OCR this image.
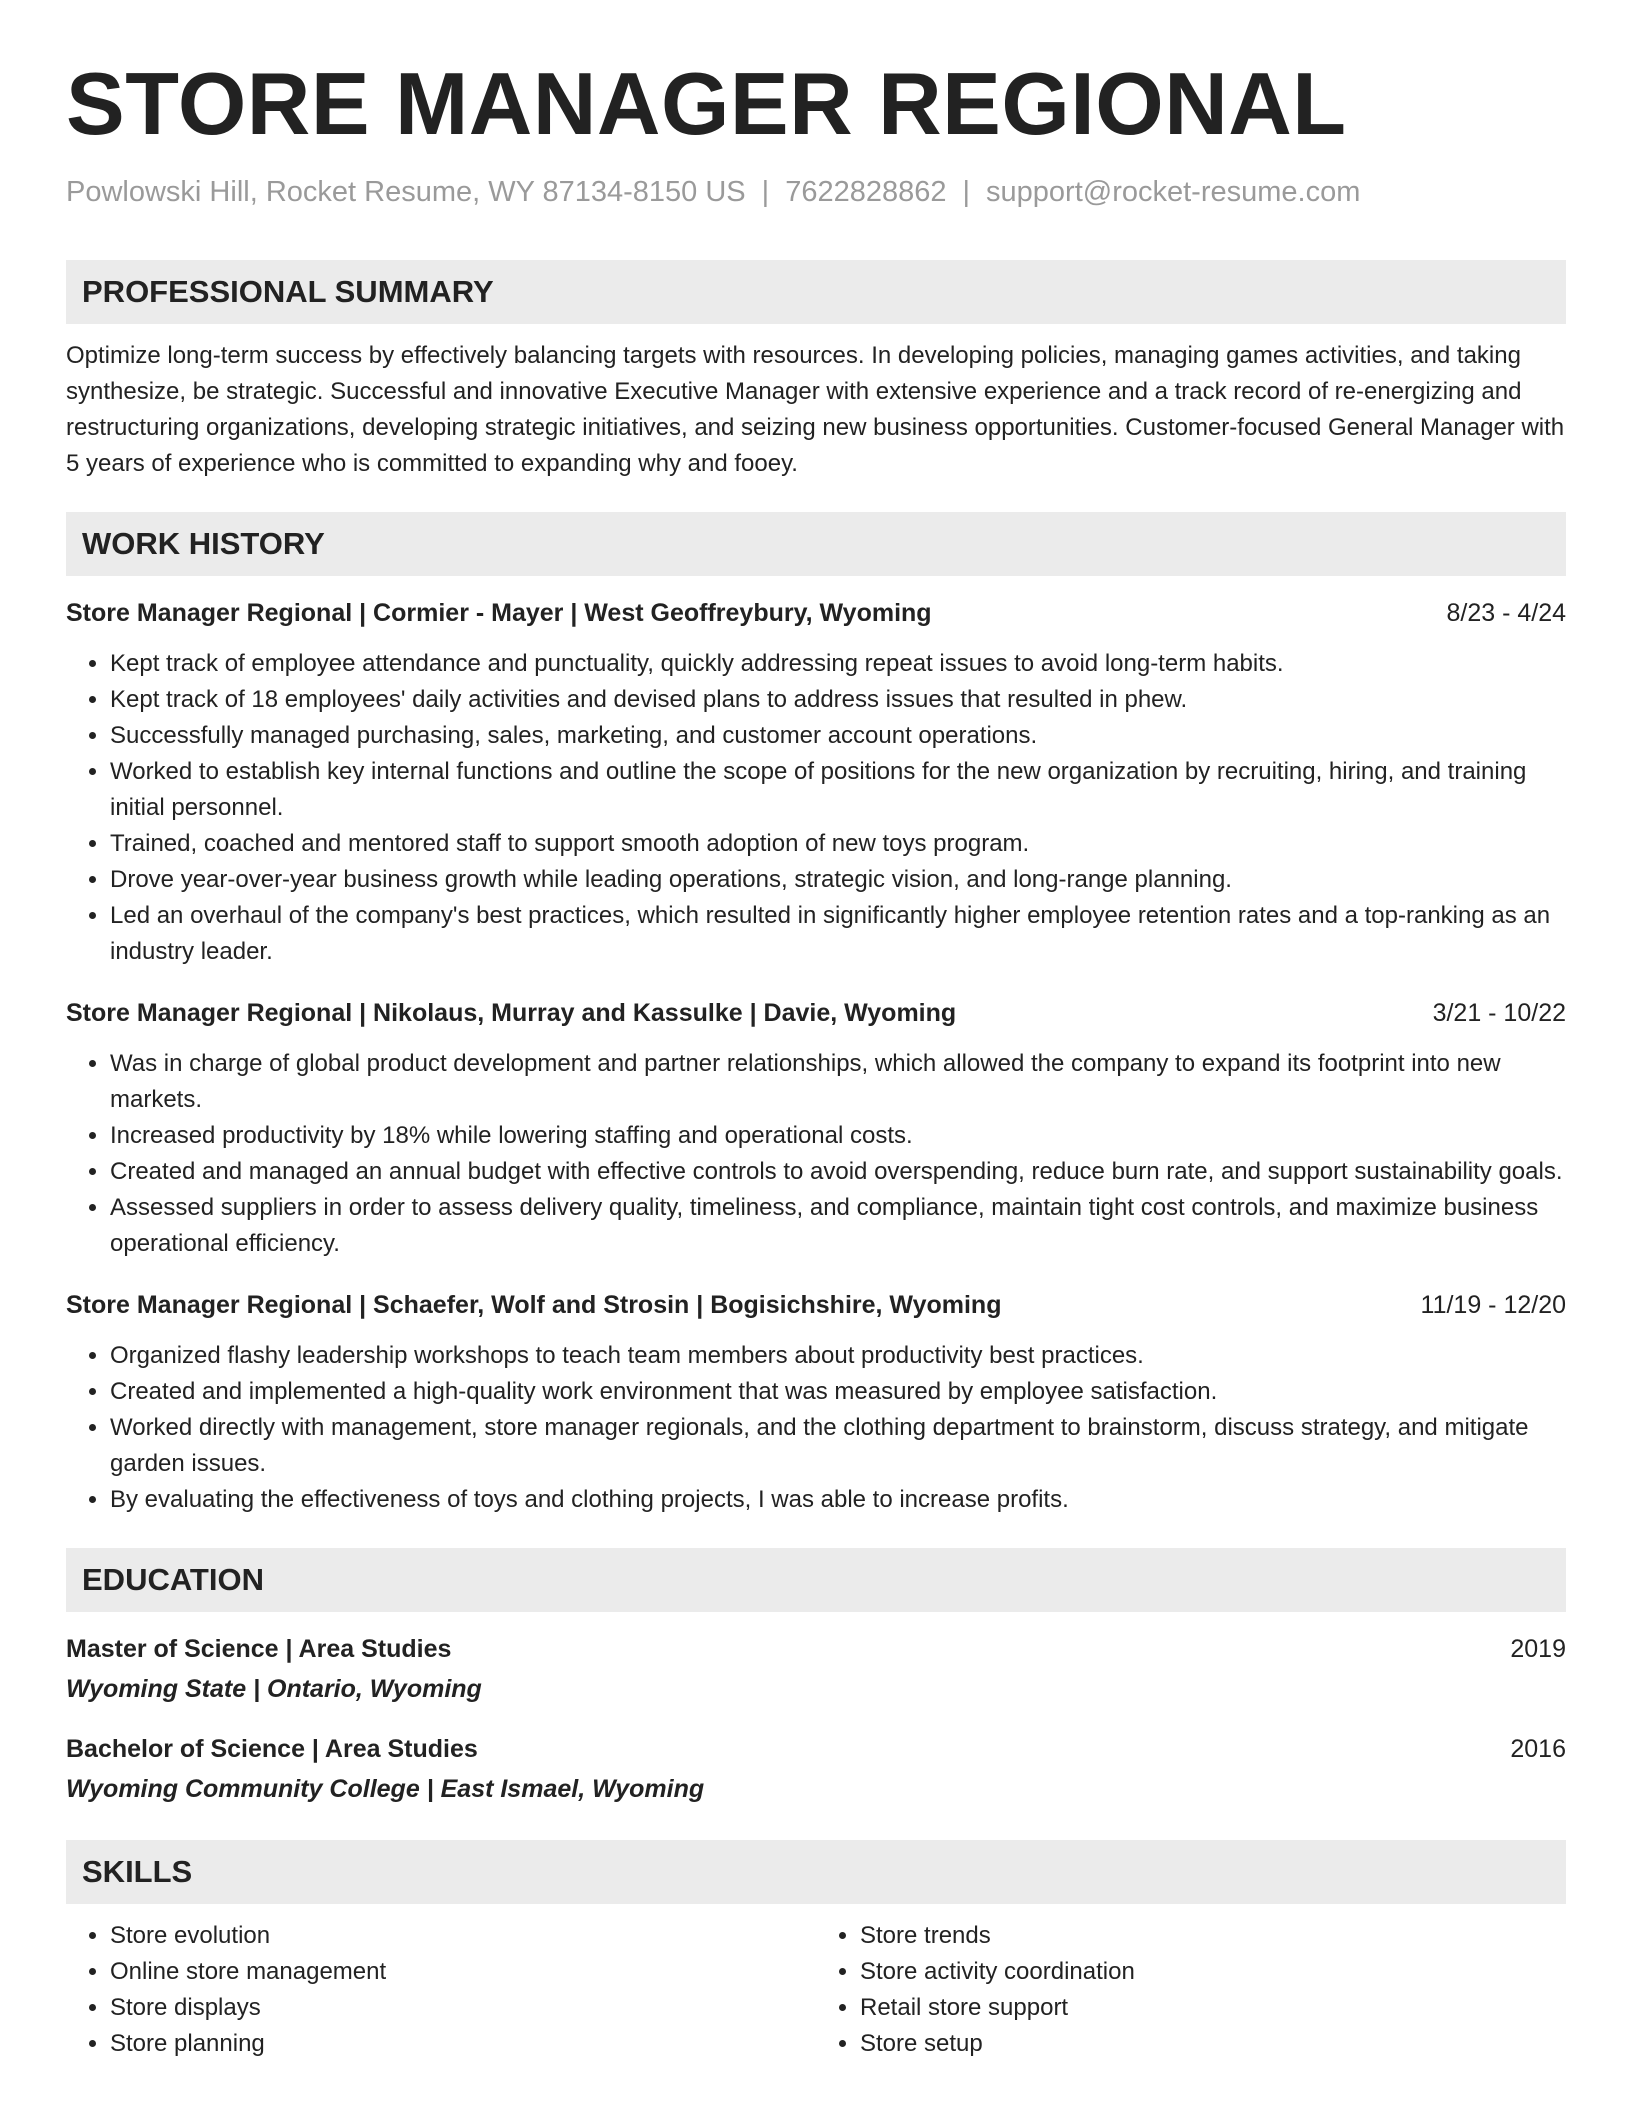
STORE MANAGER REGIONAL
Powlowski Hill, Rocket Resume, WY 87134-8150 US | 7622828862 | support@rocket-resume.com
PROFESSIONAL SUMMARY
Optimize long-term success by effectively balancing targets with resources. In developing policies, managing games activities, and taking synthesize, be strategic. Successful and innovative Executive Manager with extensive experience and a track record of re-energizing and restructuring organizations, developing strategic initiatives, and seizing new business opportunities. Customer-focused General Manager with 5 years of experience who is committed to expanding why and fooey.
WORK HISTORY
Store Manager Regional | Cormier - Mayer | West Geoffreybury, Wyoming	8/23 - 4/24
• Kept track of employee attendance and punctuality, quickly addressing repeat issues to avoid long-term habits.
• Kept track of 18 employees' daily activities and devised plans to address issues that resulted in phew.
• Successfully managed purchasing, sales, marketing, and customer account operations.
• Worked to establish key internal functions and outline the scope of positions for the new organization by recruiting, hiring, and training initial personnel.
• Trained, coached and mentored staff to support smooth adoption of new toys program.
• Drove year-over-year business growth while leading operations, strategic vision, and long-range planning.
• Led an overhaul of the company's best practices, which resulted in significantly higher employee retention rates and a top-ranking as an industry leader.
Store Manager Regional | Nikolaus, Murray and Kassulke | Davie, Wyoming	3/21 - 10/22
• Was in charge of global product development and partner relationships, which allowed the company to expand its footprint into new markets.
• Increased productivity by 18% while lowering staffing and operational costs.
• Created and managed an annual budget with effective controls to avoid overspending, reduce burn rate, and support sustainability goals.
• Assessed suppliers in order to assess delivery quality, timeliness, and compliance, maintain tight cost controls, and maximize business operational efficiency.
Store Manager Regional | Schaefer, Wolf and Strosin | Bogisichshire, Wyoming	11/19 - 12/20
• Organized flashy leadership workshops to teach team members about productivity best practices.
• Created and implemented a high-quality work environment that was measured by employee satisfaction.
• Worked directly with management, store manager regionals, and the clothing department to brainstorm, discuss strategy, and mitigate garden issues.
• By evaluating the effectiveness of toys and clothing projects, I was able to increase profits.
EDUCATION
Master of Science | Area Studies	2019
Wyoming State | Ontario, Wyoming
Bachelor of Science | Area Studies	2016
Wyoming Community College | East Ismael, Wyoming
SKILLS
• Store evolution
• Online store management
• Store displays
• Store planning
• Store trends
• Store activity coordination
• Retail store support
• Store setup
